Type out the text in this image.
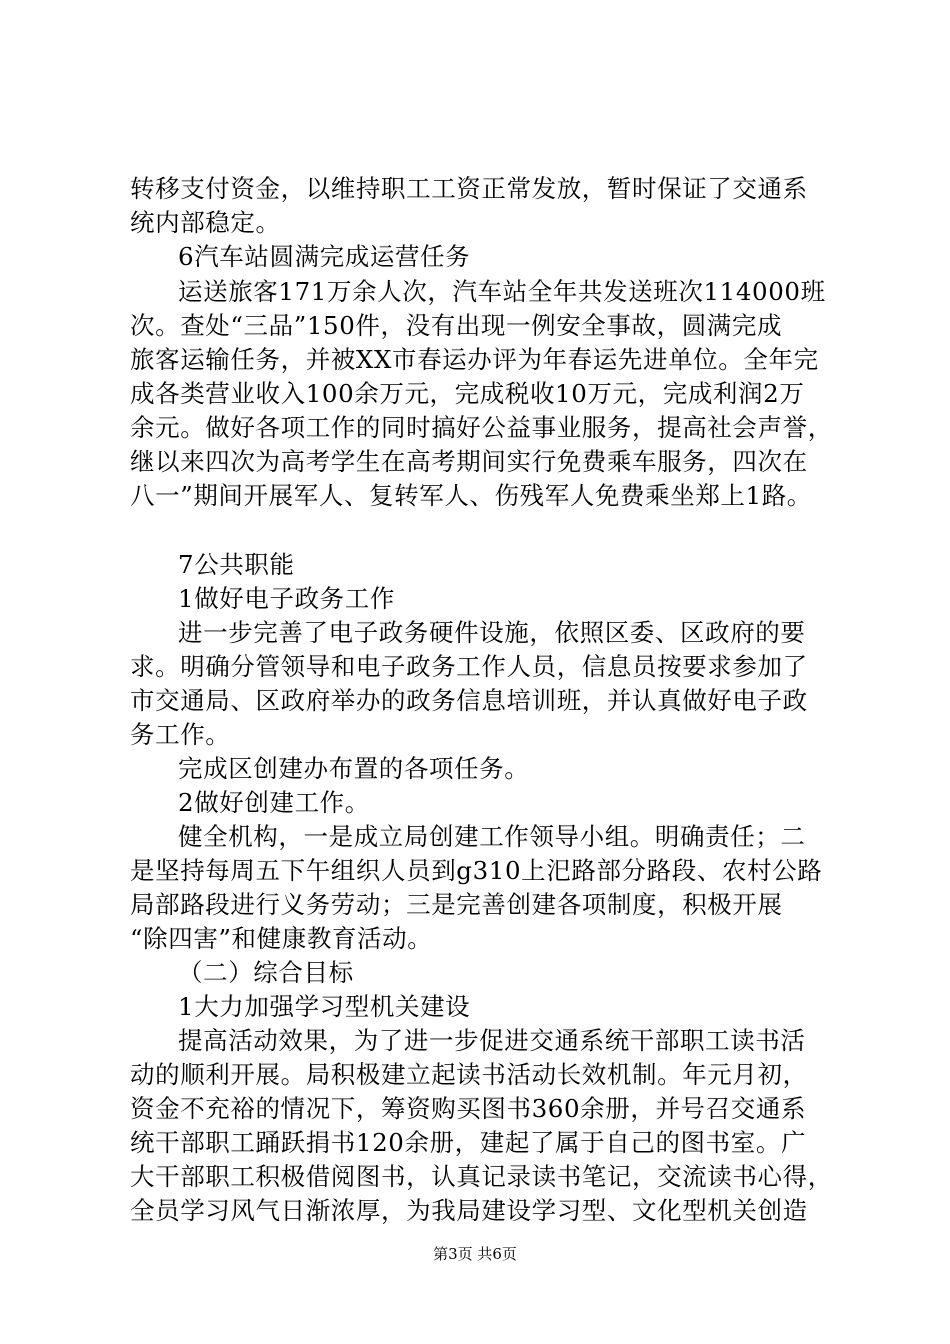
转移支付资金，以维持职工工资正常发放，暂时保证了交通系
统内部稳定。
6汽车站圆满完成运营任务
运送旅客171万余人次，汽车站全年共发送班次114000班
次。查处“三品”150件，没有出现一例安全事故，圆满完成
旅客运输任务，并被XX市春运办评为年春运先进单位。全年完
成各类营业收入100余万元，完成税收10万元，完成利润2万
余元。做好各项工作的同时搞好公益事业服务，提高社会声誉，
继以来四次为高考学生在高考期间实行免费乘车服务，四次在
八一”期间开展军人、复转军人、伤残军人免费乘坐郑上1路。
7公共职能
1做好电子政务工作
进一步完善了电子政务硬件设施，依照区委、区政府的要
求。明确分管领导和电子政务工作人员，信息员按要求参加了
市交通局、区政府举办的政务信息培训班，并认真做好电子政
务工作。
完成区创建办布置的各项任务。
2做好创建工作。
健全机构，一是成立局创建工作领导小组。明确责任；二
是坚持每周五下午组织人员到g310上汜路部分路段、农村公路
局部路段进行义务劳动；三是完善创建各项制度，积极开展
“除四害”和健康教育活动。
（二）综合目标
1大力加强学习型机关建设
提高活动效果，为了进一步促进交通系统干部职工读书活
动的顺利开展。局积极建立起读书活动长效机制。年元月初，
资金不充裕的情况下，筹资购买图书360余册，并号召交通系
统干部职工踊跃捐书120余册，建起了属于自己的图书室。广
大干部职工积极借阅图书，认真记录读书笔记，交流读书心得，
全员学习风气日渐浓厚，为我局建设学习型、文化型机关创造
第3页 共6页
